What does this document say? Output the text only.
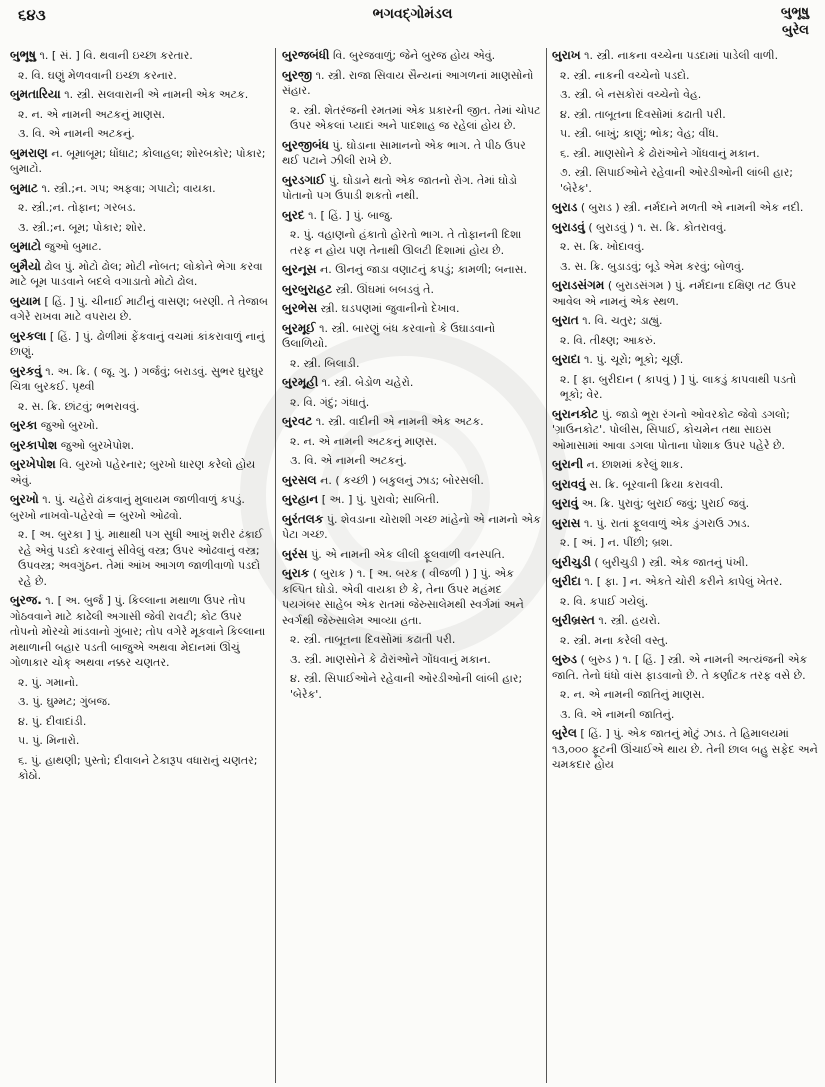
૬૪૩	ભગવદ્ગોમંડલ	બુભૂષુ
બુરેલ
બુભૂષુ ૧. [ સં. ] વિ. થવાની ઇચ્છા કરતાર.
૨. વિ. ઘણું મેળવવાની ઇચ્છા કરનાર.
બુમતારિયા ૧. સ્ત્રી. સલવારાની એ નામની એક અટક.
૨. ન. એ નામની અટકનું માણસ.
૩. વિ. એ નામની અટકનું.
બુમરાણ ન. બૂમાબૂમ; ધોંધાટ; કોલાહલ; શોરબકોર; પોકાર; બુમાટો.
બુમાટ ૧. સ્ત્રી.;ન. ગપ; અફવા; ગપાટો; વાયકા.
૨. સ્ત્રી.;ન. તોફાન; ગરબડ.
૩. સ્ત્રી.;ન. બૂમ; પોકાર; શોર.
બુમાટો જુઓ બુમાટ.
બુમૈયો ઢોલ પું. મોટો ઢોલ; મોટી નોબત; લોકોને ભેગા કરવા માટે બૂમ પાડવાને બદલે વગાડાતો મોટો ઢોલ.
બુયામ [ હિં. ] પું. ચીનાઈ માટીનું વાસણ; બરણી. તે તેજાબ વગેરે રાખવા માટે વપરાય છે.
બુરકલા [ હિં. ] પું. ઢોળીમાં ફેંકવાનું વચમાં કાંકરાવાળું નાનું છાણું.
બુરકવું ૧. અ. ક્રિ. ( જૂ. ગુ. ) ગર્જવું; બરાડવું. સુભર ઘુરઘુર ચિત્રા બુરકઈ. પૃથ્વી
૨. સ. ક્રિ. છાંટવું; ભભરાવવું.
બુરકા જુઓ બુરખો.
બુરકાપોશ જુઓ બુરખેપોશ.
બુરખેપોશ વિ. બુરખો પહેરનાર; બુરખો ધારણ કરેલો હોય એવું.
બુરખો ૧. પું. ચહેરો ઢાંકવાનું મુલાયમ જાળીવાળું કપડું. બુરખો નાખવો-પહેરવો = બુરખો ઓઢવો.
૨. [ અ. બુરકા ] પું. માથાથી પગ સુધી આખું શરીર ઢંકાઈ રહે એવું પડદો કરવાનું સીવેલું વસ્ત્ર; ઉપર ઓઢવાનું વસ્ત્ર; ઉપવસ્ત્ર; અવગુંઠન. તેમાં આંખ આગળ જાળીવાળો પડદો રહે છે.
બુરજ. ૧. [ અ. બુર્જ ] પું. કિલ્લાના મથાળા ઉપર તોપ ગોઠવવાને માટે કાઢેલી અગાસી જેવી રાવટી; કોટ ઉપર તોપનો મોરચો માંડવાનો ગુંબાર; તોપ વગેરે મૂકવાને કિલ્લાના મથાળાની બહાર પડતી બાજુએ અથવા મેદાનમાં ઊંચું ગોળાકાર ચોક્ અથવા નક્કર ચણતર.
૨. પું. ગમાનો.
૩. પું. ઘુમ્મટ; ગુંબજ.
૪. પું. દીવાદાંડી.
૫. પું. મિનારો.
૬. પું. હાથણી; પુસ્તો; દીવાલને ટેકારૂપ વધારાનું ચણતર; કોઠો.
બુરજબંધી વિ. બુરજવાળું; જેને બુરજ હોય એવું.
બુરજી ૧. સ્ત્રી. રાજા સિવાય સૈન્યનાં આગળનાં માણસોનો સંહાર.
૨. સ્ત્રી. શેતરંજની રમતમાં એક પ્રકારની જીત. તેમાં ચોપટ ઉપર એકલાં પ્યાદાં અને પાદશાહ જ રહેલાં હોય છે.
બુરજીબંધ પું. ઘોડાના સામાનનો એક ભાગ. તે પીઠ ઉપર થઈ પટાને ઝીલી રાખે છે.
બુરડગાઈ પું. ઘોડાને થતો એક જાતનો રોગ. તેમાં ઘોડો પોતાનો પગ ઉપાડી શકતો નથી.
બુરદ ૧. [ હિં. ] પું. બાજુ.
૨. પું. વહાણનો હંકાતો હોરતો ભાગ. તે તોફાનની દિશા તરફ ન હોય પણ તેનાથી ઊલટી દિશામાં હોય છે.
બુરનૂસ ન. ઊનનું જાડા વણાટનું કપડું; કામળી; બનાસ.
બુરબુરાહટ સ્ત્રી. ઊંઘમાં બબડવું તે.
બુરભેસ સ્ત્રી. ઘડપણમાં જુવાનીનો દેખાવ.
બુરમૂઈ ૧. સ્ત્રી. બારણું બંધ કરવાનો કે ઉઘાડવાનો ઉલાળિયો.
૨. સ્ત્રી. બિલાડી.
બુરમૂહી ૧. સ્ત્રી. બેડોળ ચહેરો.
૨. વિ. ગંદું; ગંધાતું.
બુરવટ ૧. સ્ત્રી. વાદીની એ નામની એક અટક.
૨. ન. એ નામની અટકનું માણસ.
૩. વિ. એ નામની અટકનું.
બુરસલ ન. ( કચ્છી ) બકુલનું ઝાડ; બોરસલી.
બુરહાન [ અ. ] પું. પુરાવો; સાબિતી.
બુરંતલક પું. શેવડાના ચોરાશી ગચ્છ માંહેનો એ નામનો એક પેટા ગચ્છ.
બુરંસ પું. એ નામની એક લીલી ફૂલવાળી વનસ્પતિ.
બુરાક ( બુરાક ) ૧. [ અ. બરક ( વીજળી ) ] પું. એક કલ્પિત ઘોડો. એવી વાયકા છે કે, તેના ઉપર મહંમદ પયગંબર સાહેબ એક રાતમાં જેરુસાલેમથી સ્વર્ગમાં અને સ્વર્ગથી જેરુસાલેમ આવ્યા હતા.
૨. સ્ત્રી. તાબૂતના દિવસોમાં કઢાતી પરી.
૩. સ્ત્રી. માણસોને કે ઢોરાંઓને ગોંધવાનું મકાન.
૪. સ્ત્રી. સિપાઈઓને રહેવાની ઓરડીઓની લાંબી હાર; 'બેરેક'.
બુરાખ ૧. સ્ત્રી. નાકના વચ્ચેના પડદામાં પાડેલી વાળી.
૨. સ્ત્રી. નાકની વચ્ચેનો પડદો.
૩. સ્ત્રી. બે નસકોરાં વચ્ચેનો વેહ.
૪. સ્ત્રી. તાબૂતના દિવસોમાં કઢાતી પરી.
૫. સ્ત્રી. બાખું; કાણું; ભોક; વેહ; વીંધ.
૬. સ્ત્રી. માણસોને કે ઢોરાંઓને ગોંધવાનું મકાન.
૭. સ્ત્રી. સિપાઈઓને રહેવાની ઓરડીઓની લાંબી હાર; 'બેરેક'.
બુરાડ ( બુરાડ ) સ્ત્રી. નર્મદાને મળતી એ નામની એક નદી.
બુરાડવું ( બુરાડવું ) ૧. સ. ક્રિ. કોતરાવવું.
૨. સ. ક્રિ. ખોદાવવું.
૩. સ. ક્રિ. બુડાડવું; બૂડે એમ કરવું; બોળવું.
બુરાડસંગમ ( બુરાડસંગમ ) પું. નર્મદાના દક્ષિણ તટ ઉપર આવેલ એ નામનું એક સ્થળ.
બુરાત ૧. વિ. ચતુર; ડાહ્યું.
૨. વિ. તીક્ષ્ણ; આકરું.
બુરાદા ૧. પું. ચૂરો; ભૂકો; ચૂર્ણ.
૨. [ ફા. બુરીદાન ( કાપવું ) ] પું. લાકડું કાપવાથી પડતો ભૂકો; વેર.
બુરાનકોટ પું. જાડો ભૂરા રંગનો ઓવરકોટ જેવો ડગલો; 'ગ્રાઉનકોટ'. પોલીસ, સિપાઈ, કોચમેન તથા સાઇસ ઓમાસામાં આવા ડગલા પોતાના પોશાક ઉપર પહેરે છે.
બુરાની ન. છાશમાં કરેલું શાક.
બુરાવવું સ. ક્રિ. બૂરવાની ક્રિયા કરાવવી.
બુરાવું અ. ક્રિ. પુરાવું; બુરાઈ જવું; પુરાઈ જવું.
બુરાસ ૧. પું. રાતાં ફૂલવાળું એક ડુંગરાઉ ઝાડ.
૨. [ અં. ] ન. પીંછી; બ્રશ.
બુરીચુડી ( બુરીચુડી ) સ્ત્રી. એક જાતનું પંખી.
બુરીદા ૧. [ ફા. ] ન. એકતે ચોરી કરીને કાપેલું ખેતર.
૨. વિ. કપાઈ ગયેલું.
બુરીબ્રસ્ત ૧. સ્ત્રી. હયરો.
૨. સ્ત્રી. મના કરેલી વસ્તુ.
બુરુડ ( બુરુડ ) ૧. [ હિં. ] સ્ત્રી. એ નામની અત્યંજની એક જાતિ. તેનો ધંધો વાંસ ફાડવાનો છે. તે કર્ણાટક તરફ વસે છે.
૨. ન. એ નામની જાતિનું માણસ.
૩. વિ. એ નામની જાતિનું.
બુરેલ [ હિં. ] પું. એક જાતનું મોટું ઝાડ. તે હિમાલયમાં ૧૩,૦૦૦ ફૂટની ઊંચાઈએ થાય છે. તેની છાલ બહુ સફેદ અને ચમકદાર હોય
